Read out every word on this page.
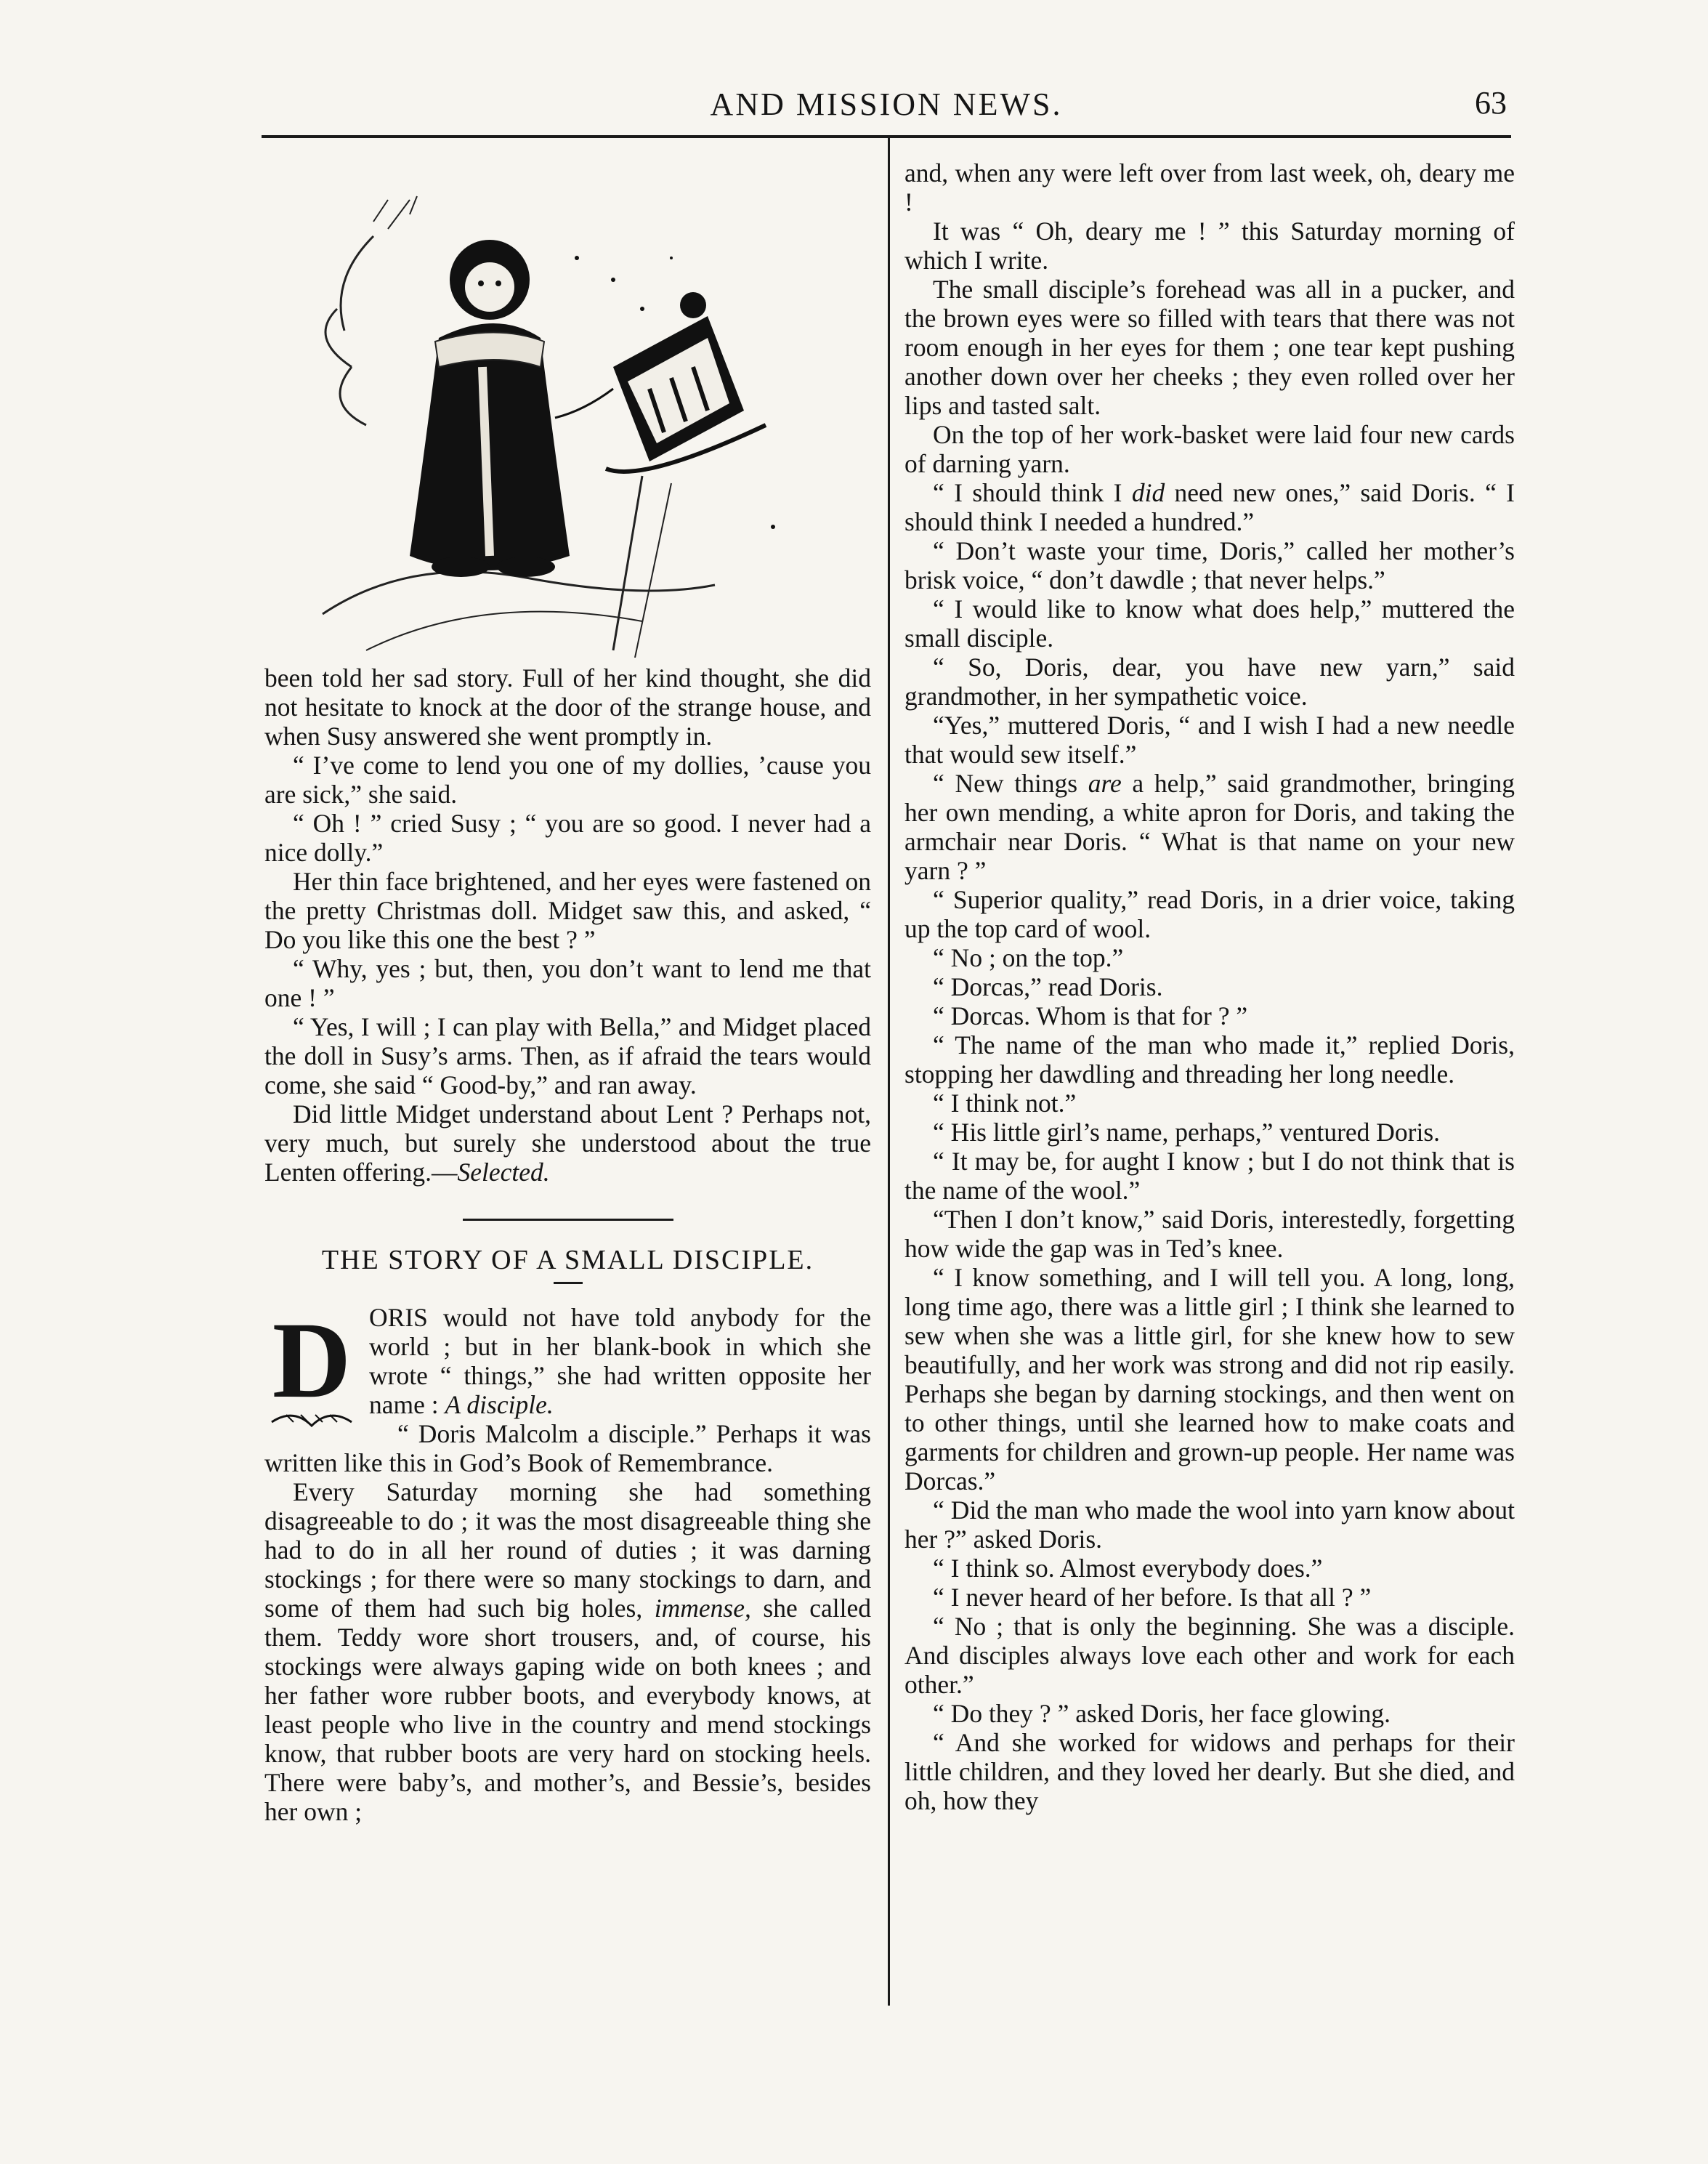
AND MISSION NEWS.	63

been told her sad story. Full of her kind thought, she did not hesitate to knock at the door of the strange house, and when Susy answered she went promptly in.

“ I’ve come to lend you one of my dollies, ’cause you are sick,” she said.

“ Oh ! ” cried Susy ; “ you are so good. I never had a nice dolly.”

Her thin face brightened, and her eyes were fastened on the pretty Christmas doll. Midget saw this, and asked, “ Do you like this one the best ? ”

“ Why, yes ; but, then, you don’t want to lend me that one ! ”

“ Yes, I will ; I can play with Bella,” and Midget placed the doll in Susy’s arms. Then, as if afraid the tears would come, she said “ Good-by,” and ran away.

Did little Midget understand about Lent ? Perhaps not, very much, but surely she understood about the true Lenten offering.—Selected.

THE STORY OF A SMALL DISCIPLE.
D ORIS would not have told anybody for the world ; but in her blank-book in which she wrote “ things,” she had written opposite her name : A disciple.

“ Doris Malcolm a disciple.” Perhaps it was written like this in God’s Book of Remembrance.

Every Saturday morning she had something disagreeable to do ; it was the most disagreeable thing she had to do in all her round of duties ; it was darning stockings ; for there were so many stockings to darn, and some of them had such big holes, immense, she called them. Teddy wore short trousers, and, of course, his stockings were always gaping wide on both knees ; and her father wore rubber boots, and everybody knows, at least people who live in the country and mend stockings know, that rubber boots are very hard on stocking heels. There were baby’s, and mother’s, and Bessie’s, besides her own ;

and, when any were left over from last week, oh, deary me !

It was “ Oh, deary me ! ” this Saturday morning of which I write.

The small disciple’s forehead was all in a pucker, and the brown eyes were so filled with tears that there was not room enough in her eyes for them ; one tear kept pushing another down over her cheeks ; they even rolled over her lips and tasted salt.

On the top of her work-basket were laid four new cards of darning yarn.

“ I should think I did need new ones,” said Doris. “ I should think I needed a hundred.”

“ Don’t waste your time, Doris,” called her mother’s brisk voice, “ don’t dawdle ; that never helps.”

“ I would like to know what does help,” muttered the small disciple.

“ So, Doris, dear, you have new yarn,” said grandmother, in her sympathetic voice.

“Yes,” muttered Doris, “ and I wish I had a new needle that would sew itself.”

“ New things are a help,” said grandmother, bringing her own mending, a white apron for Doris, and taking the armchair near Doris. “ What is that name on your new yarn ? ”

“ Superior quality,” read Doris, in a drier voice, taking up the top card of wool.

“ No ; on the top.”

“ Dorcas,” read Doris.

“ Dorcas. Whom is that for ? ”

“ The name of the man who made it,” replied Doris, stopping her dawdling and threading her long needle.

“ I think not.”

“ His little girl’s name, perhaps,” ventured Doris.

“ It may be, for aught I know ; but I do not think that is the name of the wool.”

“Then I don’t know,” said Doris, interestedly, forgetting how wide the gap was in Ted’s knee.

“ I know something, and I will tell you. A long, long, long time ago, there was a little girl ; I think she learned to sew when she was a little girl, for she knew how to sew beautifully, and her work was strong and did not rip easily. Perhaps she began by darning stockings, and then went on to other things, until she learned how to make coats and garments for children and grown-up people. Her name was Dorcas.”

“ Did the man who made the wool into yarn know about her ?” asked Doris.

“ I think so. Almost everybody does.”

“ I never heard of her before. Is that all ? ”

“ No ; that is only the beginning. She was a disciple. And disciples always love each other and work for each other.”

“ Do they ? ” asked Doris, her face glowing.

“ And she worked for widows and perhaps for their little children, and they loved her dearly. But she died, and oh, how they
